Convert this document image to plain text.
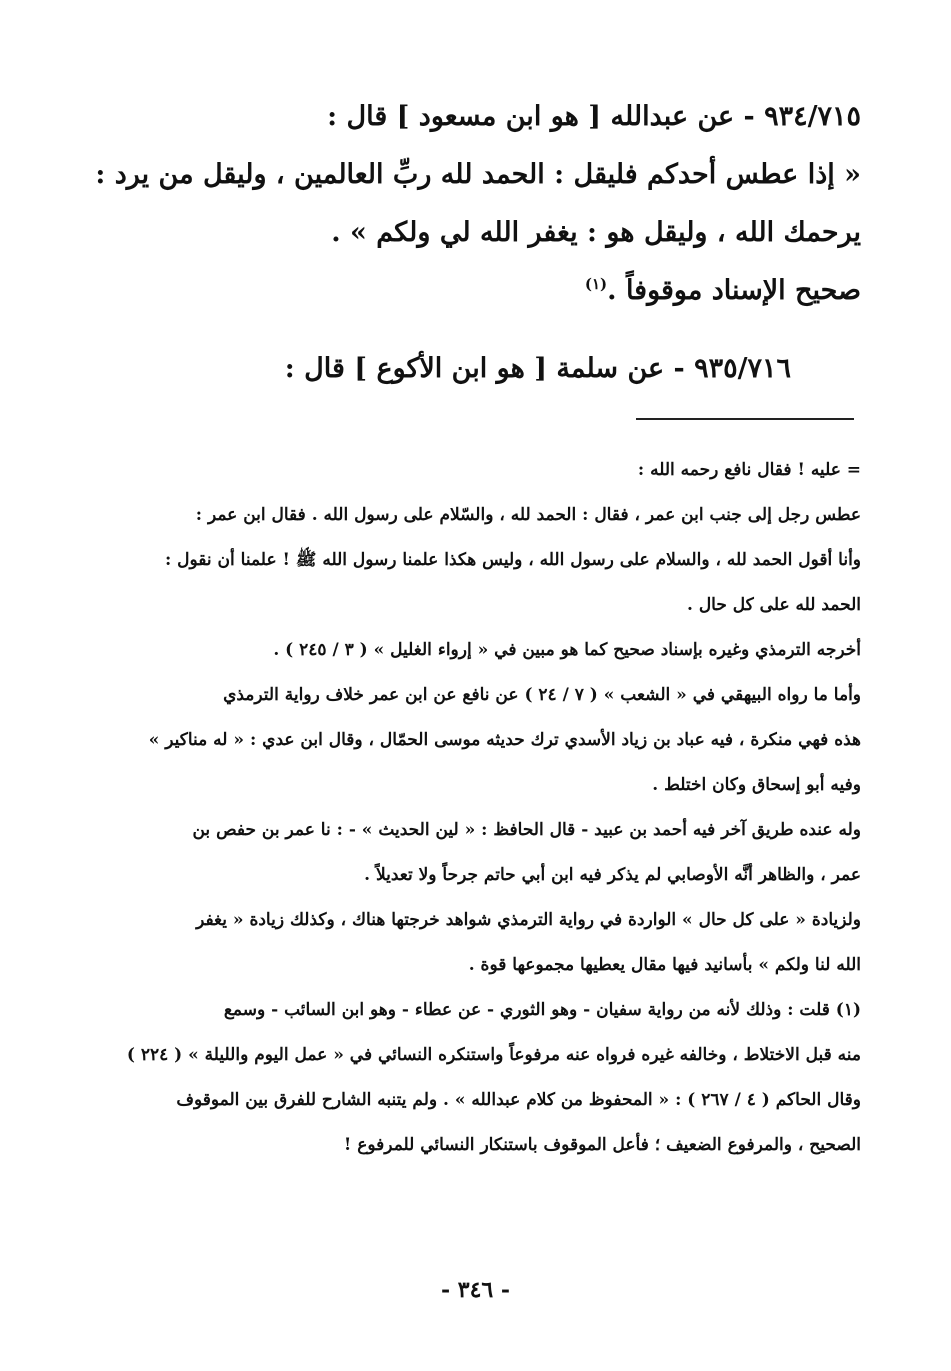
٩٣٤/٧١٥ - عن عبدالله [ هو ابن مسعود ] قال :
« إذا عطس أحدكم فليقل : الحمد لله ربِّ العالمين ، وليقل من يرد :
يرحمك الله ، وليقل هو : يغفر الله لي ولكم » .
صحيح الإسناد موقوفاً .$^{(١)}$
٩٣٥/٧١٦ - عن سلمة [ هو ابن الأكوع ] قال :

= عليه ! فقال نافع رحمه الله :

عطس رجل إلى جنب ابن عمر ، فقال : الحمد لله ، والسّلام على رسول الله . فقال ابن عمر :

وأنا أقول الحمد لله ، والسلام على رسول الله ، وليس هكذا علمنا رسول الله ﷺ ! علمنا أن نقول :

الحمد لله على كل حال .

أخرجه الترمذي وغيره بإسناد صحيح كما هو مبين في « إرواء الغليل » ( ٣ / ٢٤٥ ) .

وأما ما رواه البيهقي في « الشعب » ( ٧ / ٢٤ ) عن نافع عن ابن عمر خلاف رواية الترمذي

هذه فهي منكرة ، فيه عباد بن زياد الأسدي ترك حديثه موسى الحمّال ، وقال ابن عدي : « له مناكير »

وفيه أبو إسحاق وكان اختلط .

وله عنده طريق آخر فيه أحمد بن عبيد - قال الحافظ : « لين الحديث » - : نا عمر بن حفص بن

عمر ، والظاهر أنَّه الأوصابي لم يذكر فيه ابن أبي حاتم جرحاً ولا تعديلاً .

ولزيادة « على كل حال » الواردة في رواية الترمذي شواهد خرجتها هناك ، وكذلك زيادة « يغفر

الله لنا ولكم » بأسانيد فيها مقال يعطيها مجموعها قوة .

(١) قلت : وذلك لأنه من رواية سفيان - وهو الثوري - عن عطاء - وهو ابن السائب - وسمع

منه قبل الاختلاط ، وخالفه غيره فرواه عنه مرفوعاً واستنكره النسائي في « عمل اليوم والليلة » ( ٢٢٤ )

وقال الحاكم ( ٤ / ٢٦٧ ) : « المحفوظ من كلام عبدالله » . ولم يتنبه الشارح للفرق بين الموقوف

الصحيح ، والمرفوع الضعيف ؛ فأعل الموقوف باستنكار النسائي للمرفوع !

- ٣٤٦ -
